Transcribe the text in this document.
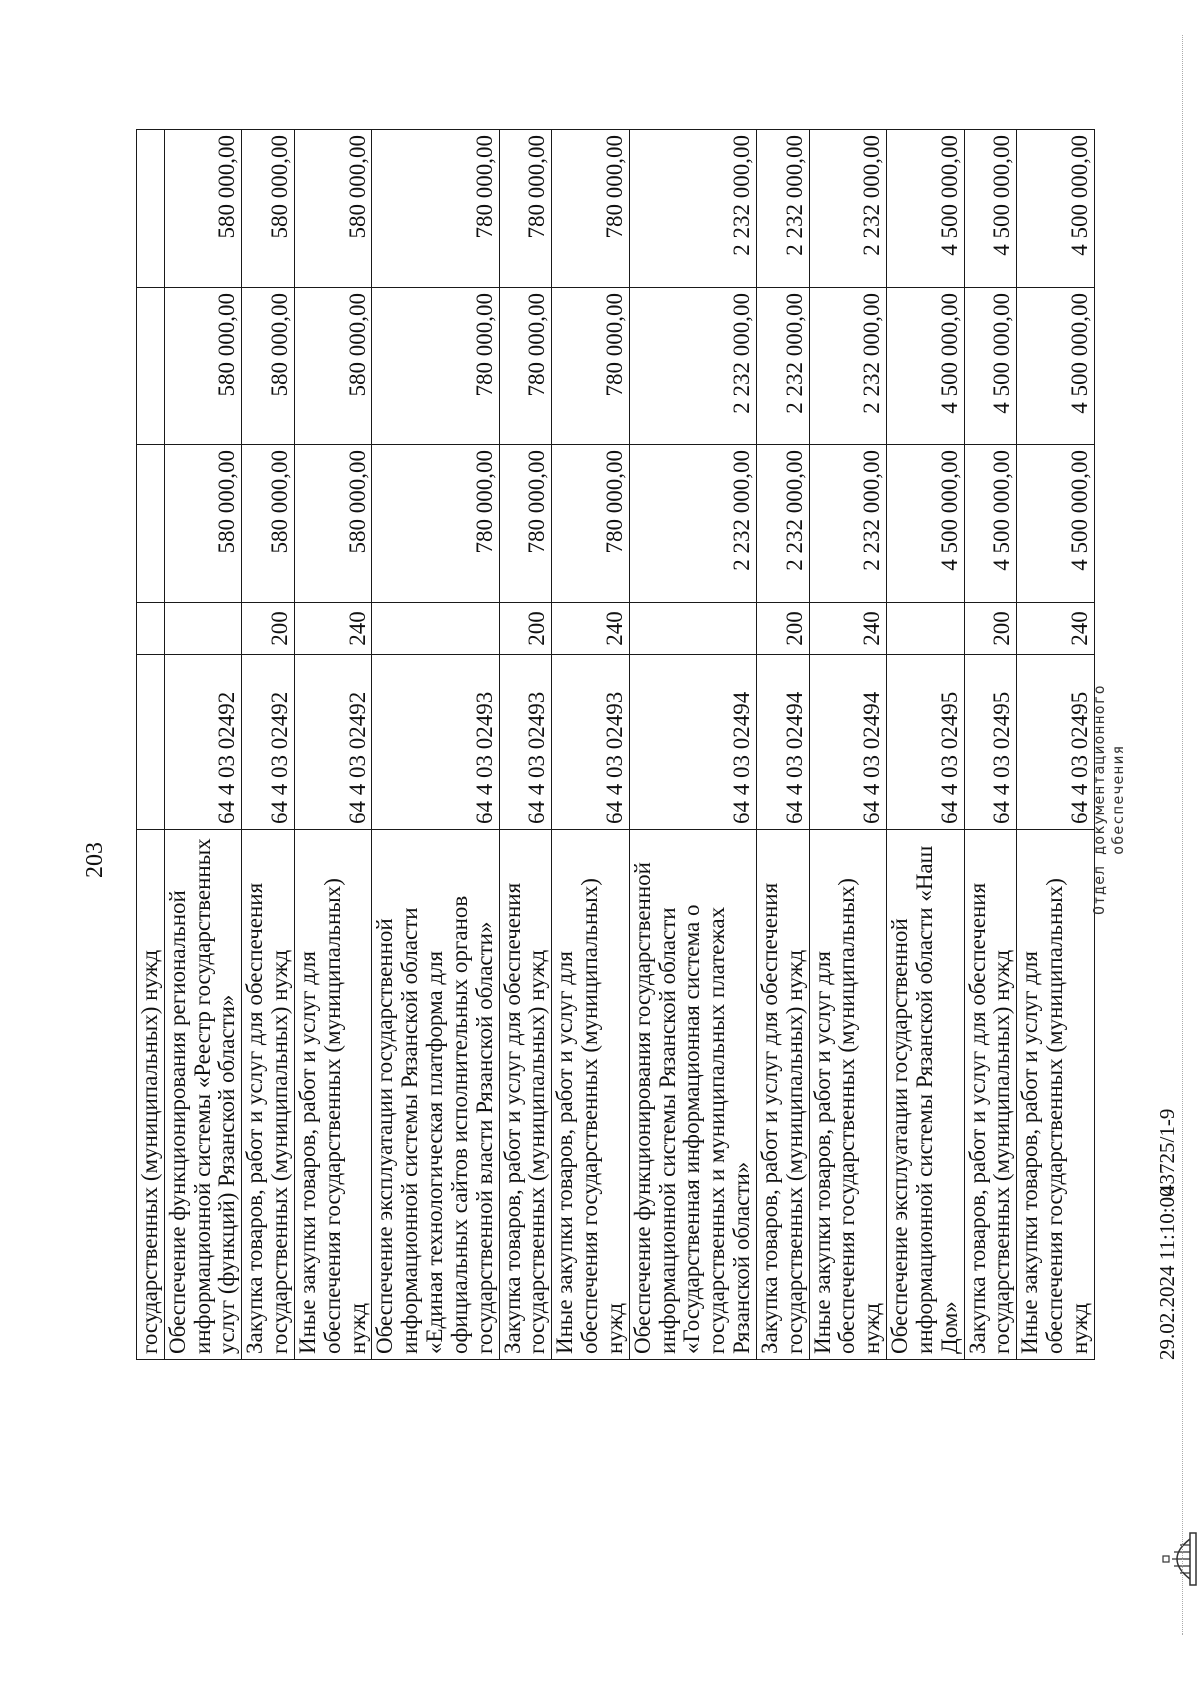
203
государственных (муниципальных) нужд					
Обеспечение функционирования региональной информационной системы «Реестр государственных услуг (функций) Рязанской области»	64 4 03 02492		580 000,00	580 000,00	580 000,00
Закупка товаров, работ и услуг для обеспечения государственных (муниципальных) нужд	64 4 03 02492	200	580 000,00	580 000,00	580 000,00
Иные закупки товаров, работ и услуг для обеспечения государственных (муниципальных) нужд	64 4 03 02492	240	580 000,00	580 000,00	580 000,00
Обеспечение эксплуатации государственной информационной системы Рязанской области «Единая технологическая платформа для официальных сайтов исполнительных органов государственной власти Рязанской области»	64 4 03 02493		780 000,00	780 000,00	780 000,00
Закупка товаров, работ и услуг для обеспечения государственных (муниципальных) нужд	64 4 03 02493	200	780 000,00	780 000,00	780 000,00
Иные закупки товаров, работ и услуг для обеспечения государственных (муниципальных) нужд	64 4 03 02493	240	780 000,00	780 000,00	780 000,00
Обеспечение функционирования государственной информационной системы Рязанской области «Государственная информационная система о государственных и муниципальных платежах Рязанской области»	64 4 03 02494		2 232 000,00	2 232 000,00	2 232 000,00
Закупка товаров, работ и услуг для обеспечения государственных (муниципальных) нужд	64 4 03 02494	200	2 232 000,00	2 232 000,00	2 232 000,00
Иные закупки товаров, работ и услуг для обеспечения государственных (муниципальных) нужд	64 4 03 02494	240	2 232 000,00	2 232 000,00	2 232 000,00
Обеспечение эксплуатации государственной информационной системы Рязанской области «Наш Дом»	64 4 03 02495		4 500 000,00	4 500 000,00	4 500 000,00
Закупка товаров, работ и услуг для обеспечения государственных (муниципальных) нужд	64 4 03 02495	200	4 500 000,00	4 500 000,00	4 500 000,00
Иные закупки товаров, работ и услуг для обеспечения государственных (муниципальных) нужд	64 4 03 02495	240	4 500 000,00	4 500 000,00	4 500 000,00
29.02.2024 11:10:00
43725/1-9
Отдел документационного обеспечения
